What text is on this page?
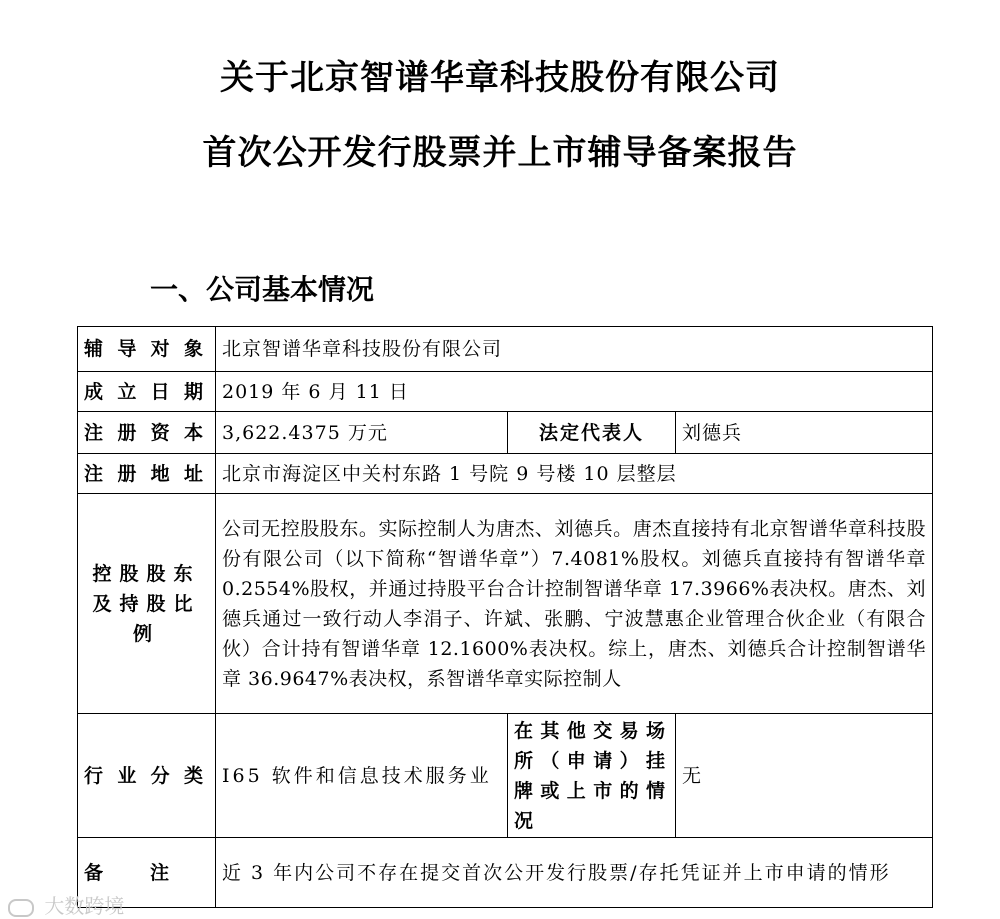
关于北京智谱华章科技股份有限公司
首次公开发行股票并上市辅导备案报告
一、公司基本情况
辅导对象	北京智谱华章科技股份有限公司		
成立日期	2019 年 6 月 11 日		
注册资本	3,622.4375 万元	法定代表人	刘德兵
注册地址	北京市海淀区中关村东路 1 号院 9 号楼 10 层整层		
控股股东及持股比例	公司无控股股东。实际控制人为唐杰、刘德兵。唐杰直接持有北京智谱华章科技股份有限公司（以下简称“智谱华章”）7.4081%股权。刘德兵直接持有智谱华章 0.2554%股权，并通过持股平台合计控制智谱华章 17.3966%表决权。唐杰、刘德兵通过一致行动人李涓子、许斌、张鹏、宁波慧惠企业管理合伙企业（有限合伙）合计持有智谱华章 12.1600%表决权。综上，唐杰、刘德兵合计控制智谱华章 36.9647%表决权，系智谱华章实际控制人		
行业分类	I65 软件和信息技术服务业	在其他交易场所（申请）挂牌或上市的情况	无
备注	近 3 年内公司不存在提交首次公开发行股票/存托凭证并上市申请的情形		
大数跨境
